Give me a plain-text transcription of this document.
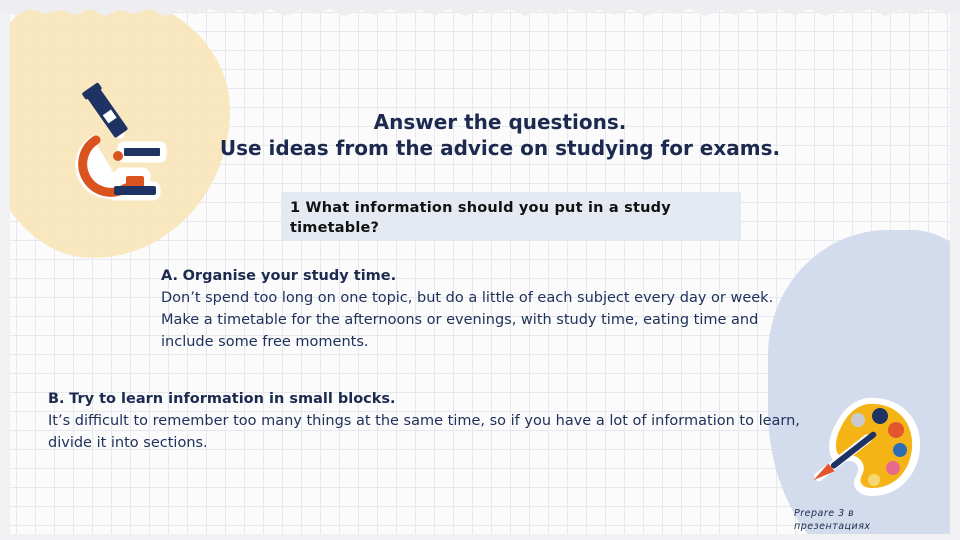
Answer the questions.
Use ideas from the advice on studying for exams.
1 What information should you put in a study timetable?
A. Organise your study time.
Don’t spend too long on one topic, but do a little of each subject every day or week. Make a timetable for the afternoons or evenings, with study time, eating time and include some free moments.
B. Try to learn information in small blocks.
It’s difficult to remember too many things at the same time, so if you have a lot of information to learn, divide it into sections.
Prepare 3 в презентациях
